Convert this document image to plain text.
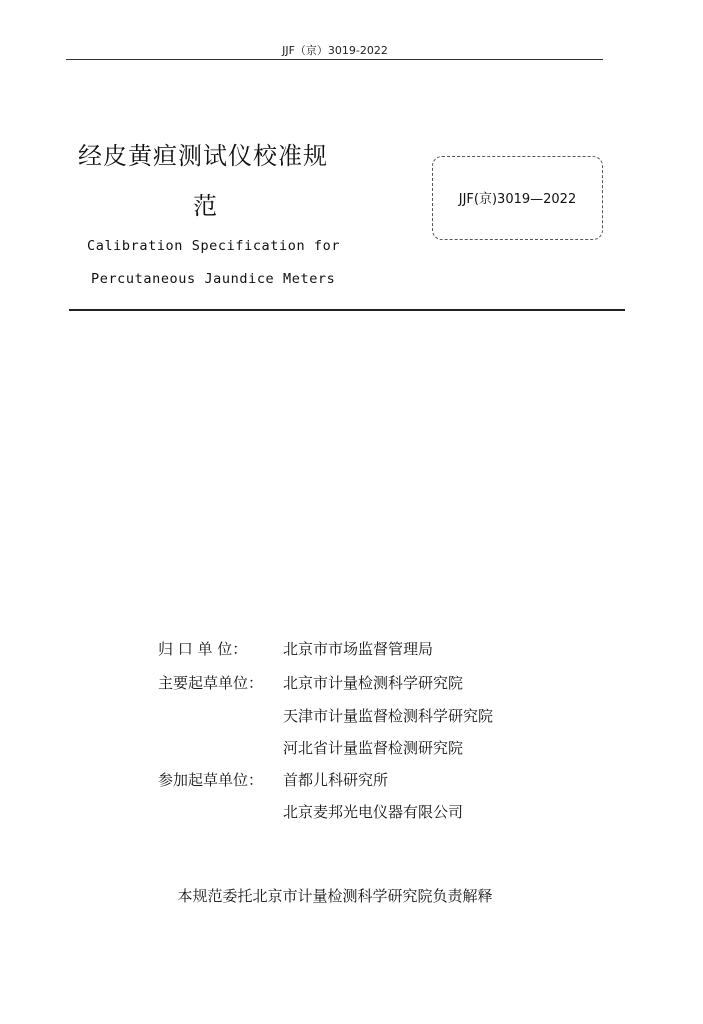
JJF（京）3019-2022
经皮黄疸测试仪校准规
范
Calibration Specification for
Percutaneous Jaundice Meters
JJF(京)3019—2022
归 口 单 位： 北京市市场监督管理局
主要起草单位： 北京市计量检测科学研究院
天津市计量监督检测科学研究院
河北省计量监督检测研究院
参加起草单位： 首都儿科研究所
北京麦邦光电仪器有限公司
本规范委托北京市计量检测科学研究院负责解释
